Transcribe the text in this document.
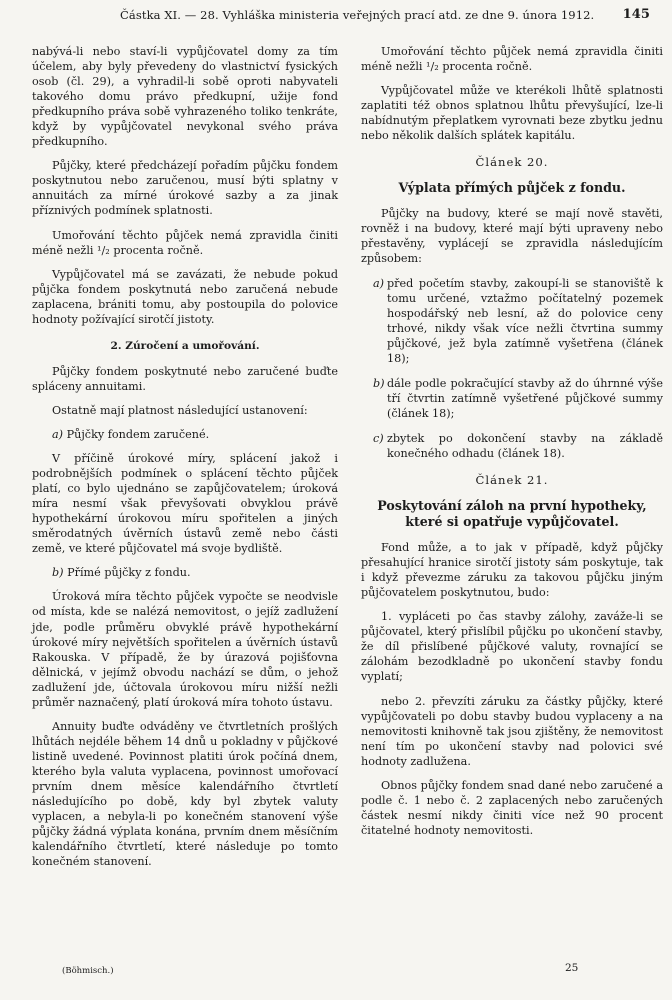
Částka XI. — 28. Vyhláška ministeria veřejných prací atd. ze dne 9. února 1912. 145

nabývá-li nebo staví-li vypůjčovatel domy za tím účelem, aby byly převedeny do vlastnictví fysických osob (čl. 29), a vyhradil-li sobě oproti nabyvateli takového domu právo předkupní, užije fond předkupního práva sobě vyhrazeného toliko tenkráte, když by vypůjčovatel nevykonal svého práva předkupního.

Půjčky, které předcházejí pořadím půjčku fondem poskytnutou nebo zaručenou, musí býti splatny v annuitách za mírné úrokové sazby a za jinak příznivých podmínek splatnosti.

Umořování těchto půjček nemá zpravidla činiti méně nežli ¹/₂ procenta ročně.

Vypůjčovatel má se zavázati, že nebude pokud půjčka fondem poskytnutá nebo zaručená nebude zaplacena, brániti tomu, aby postoupila do polovice hodnoty požívající sirotčí jistoty.

2. Zúročení a umořování.

Půjčky fondem poskytnuté nebo zaručené buďte spláceny annuitami.

Ostatně mají platnost následující ustanovení:

a) Půjčky fondem zaručené.

V příčině úrokové míry, splácení jakož i podrobnějších podmínek o splácení těchto půjček platí, co bylo ujednáno se zapůjčovatelem; úroková míra nesmí však převyšovati obvyklou právě hypothekární úrokovou míru spořitelen a jiných směrodatných úvěrních ústavů země nebo části země, ve které půjčovatel má svoje bydliště.

b) Přímé půjčky z fondu.

Úroková míra těchto půjček vypočte se neodvisle od místa, kde se nalézá nemovitost, o jejíž zadlužení jde, podle průměru obvyklé právě hypothekární úrokové míry největších spořitelen a úvěrních ústavů Rakouska. V případě, že by úrazová pojišťovna dělnická, v jejímž obvodu nachází se dům, o jehož zadlužení jde, účtovala úrokovou míru nižší nežli průměr naznačený, platí úroková míra tohoto ústavu.

Annuity buďte odváděny ve čtvrtletních prošlých lhůtách nejdéle během 14 dnů u pokladny v půjčkové listině uvedené. Povinnost platiti úrok počíná dnem, kterého byla valuta vyplacena, povinnost umořovací prvním dnem měsíce kalendářního čtvrtletí následujícího po době, kdy byl zbytek valuty vyplacen, a nebyla-li po konečném stanovení výše půjčky žádná výplata konána, prvním dnem měsíčním kalendářního čtvrtletí, které následuje po tomto konečném stanovení.

Umořování těchto půjček nemá zpravidla činiti méně nežli ¹/₂ procenta ročně.

Vypůjčovatel může ve kterékoli lhůtě splatnosti zaplatiti též obnos splatnou lhůtu převyšující, lze-li nabídnutým přeplatkem vyrovnati beze zbytku jednu nebo několik dalších splátek kapitálu.

Článek 20.
Výplata přímých půjček z fondu.

Půjčky na budovy, které se mají nově stavěti, rovněž i na budovy, které mají býti upraveny nebo přestavěny, vyplácejí se zpravidla následujícím způsobem:

a) před početím stavby, zakoupí-li se stanoviště k tomu určené, vztažmo počítatelný pozemek hospodářský neb lesní, až do polovice ceny trhové, nikdy však více nežli čtvrtina summy půjčkové, jež byla zatímně vyšetřena (článek 18);

b) dále podle pokračující stavby až do úhrnné výše tří čtvrtin zatímně vyšetřené půjčkové summy (článek 18);

c) zbytek po dokončení stavby na základě konečného odhadu (článek 18).

Článek 21.
Poskytování záloh na první hypotheky, které si opatřuje vypůjčovatel.

Fond může, a to jak v případě, když půjčky přesahující hranice sirotčí jistoty sám poskytuje, tak i když převezme záruku za takovou půjčku jiným půjčovatelem poskytnutou, budo:

1. vypláceti po čas stavby zálohy, zaváže-li se půjčovatel, který přislíbil půjčku po ukončení stavby, že díl přislíbené půjčkové valuty, rovnající se zálohám bezodkladně po ukončení stavby fondu vyplatí;

nebo 2. převzíti záruku za částky půjčky, které vypůjčovateli po dobu stavby budou vyplaceny a na nemovitosti knihovně tak jsou zjištěny, že nemovitost není tím po ukončení stavby nad polovici své hodnoty zadlužena.

Obnos půjčky fondem snad dané nebo zaručené a podle č. 1 nebo č. 2 zaplacených nebo zaručených částek nesmí nikdy činiti více než 90 procent čitatelné hodnoty nemovitosti.

(Böhmisch.)	25
